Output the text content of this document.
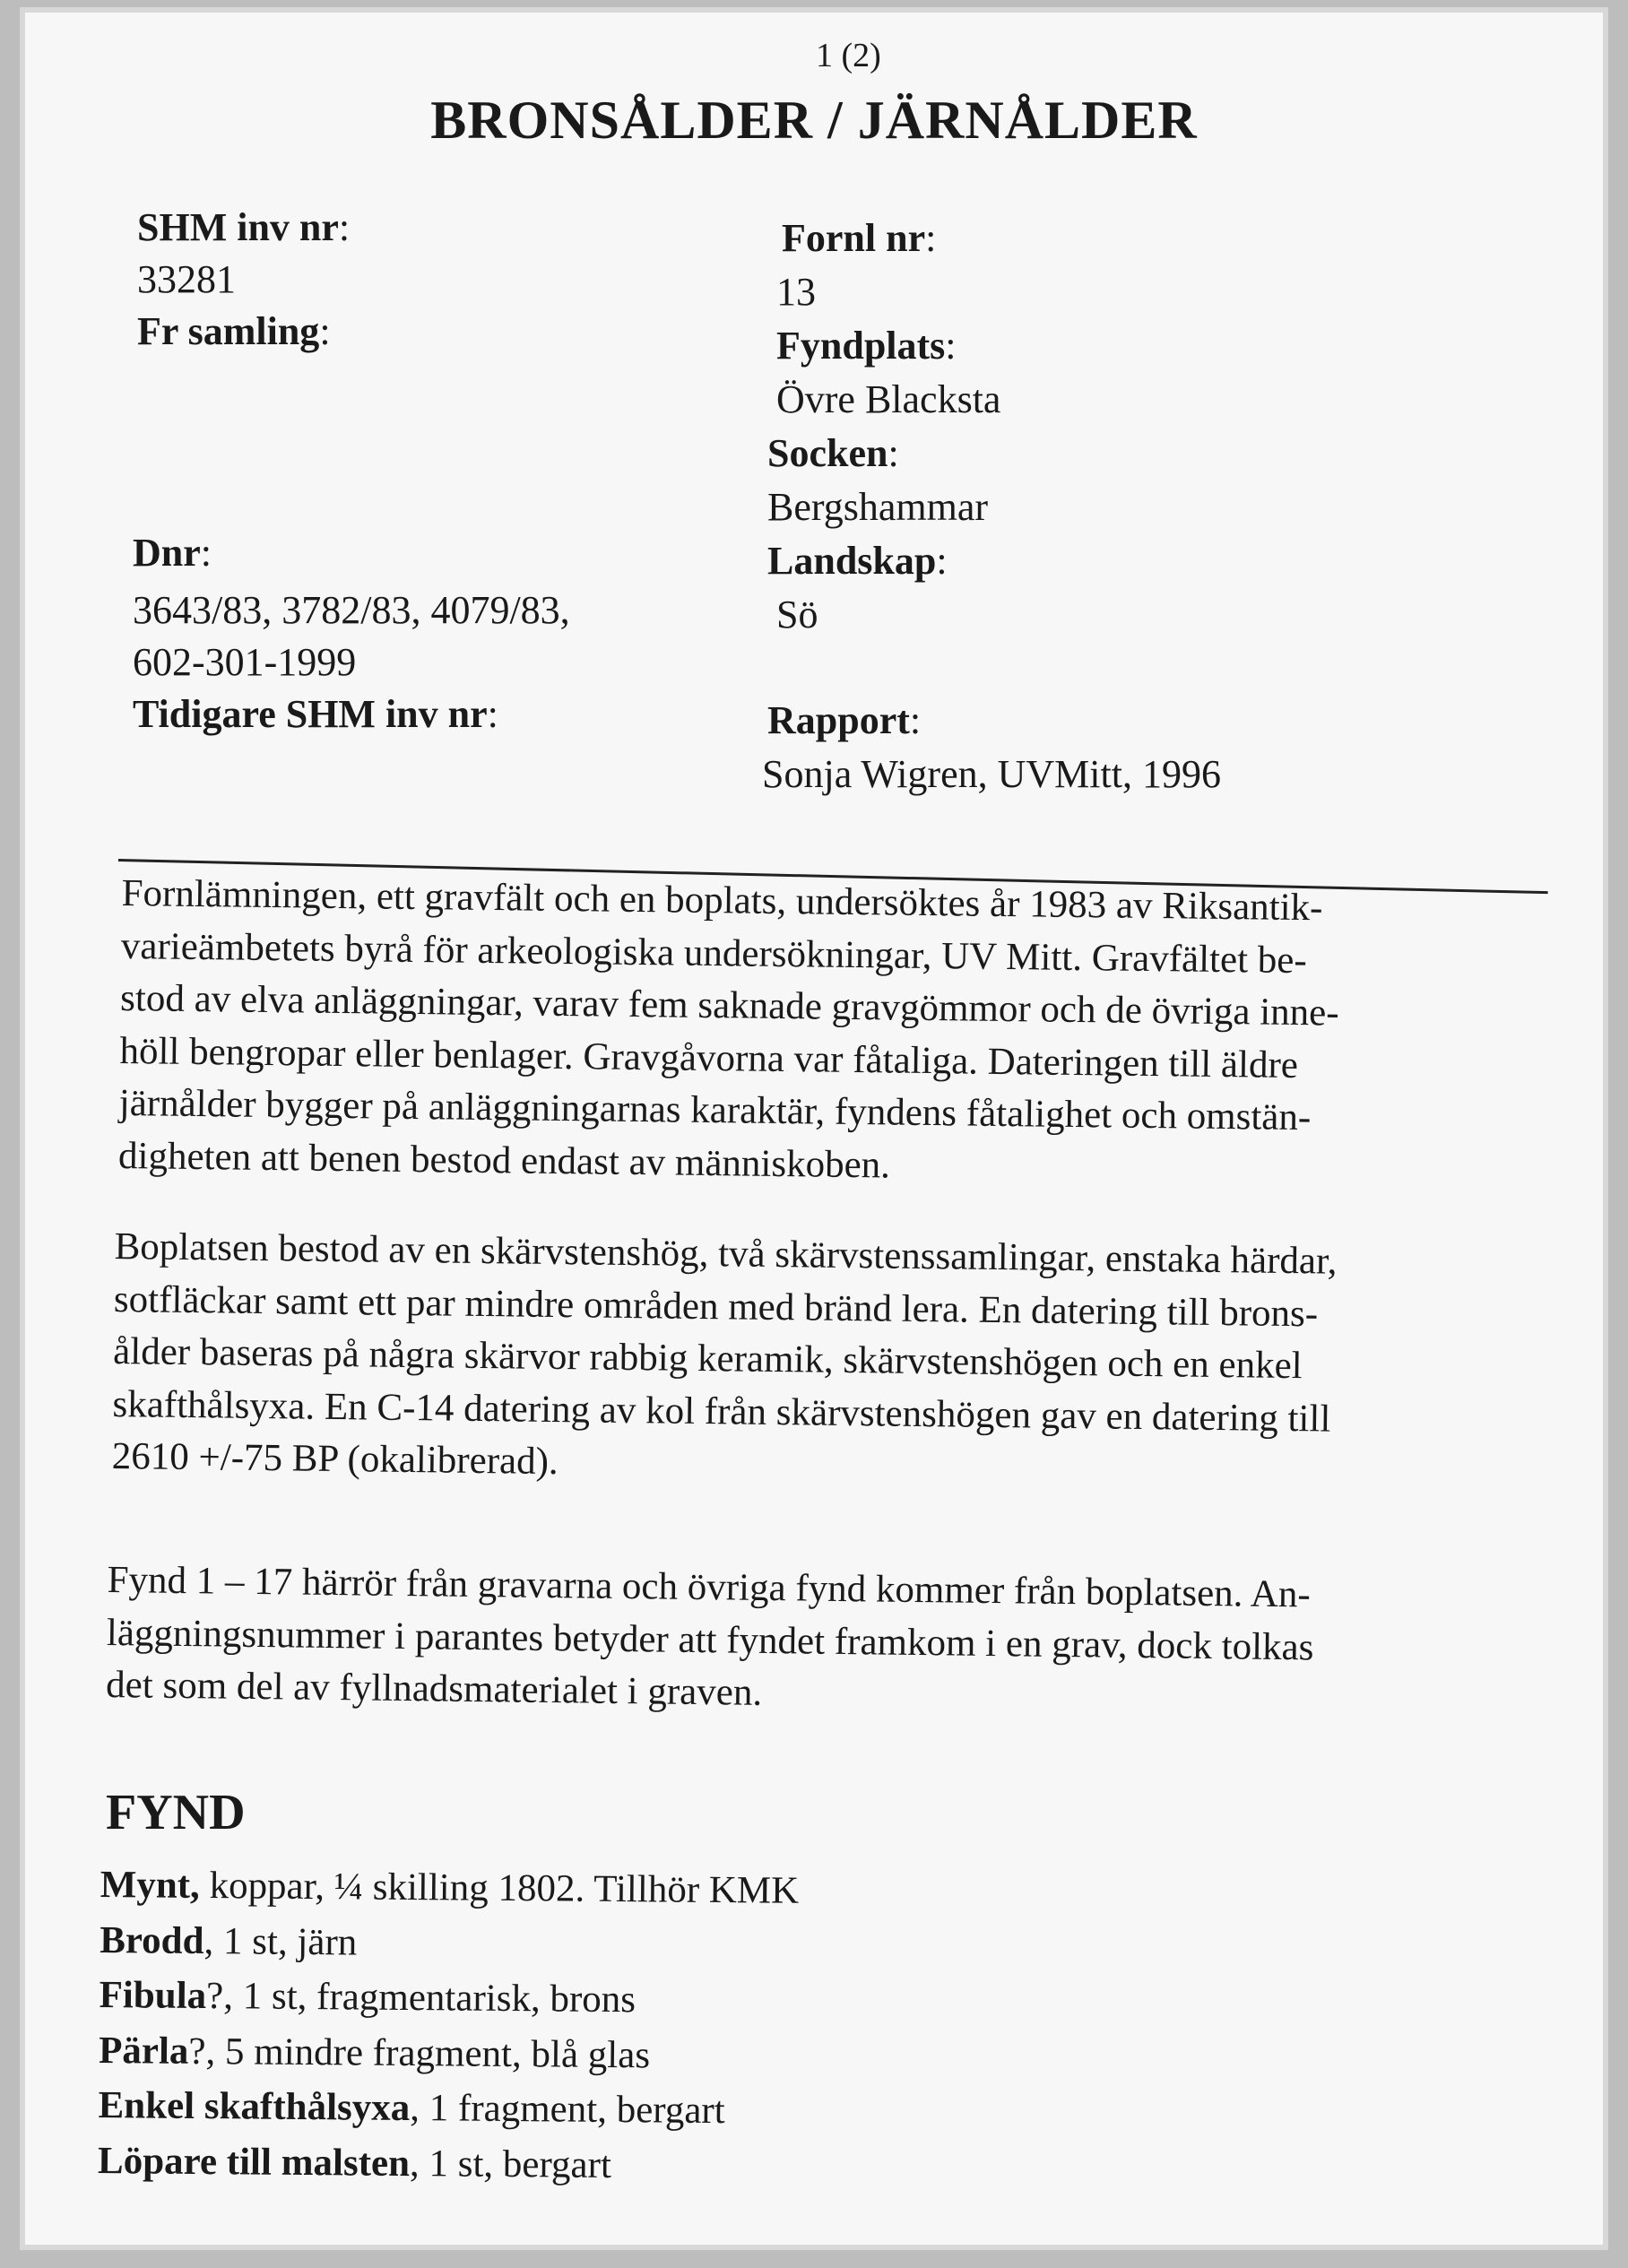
1 (2)
BRONSÅLDER / JÄRNÅLDER
SHM inv nr:
33281
Fr samling:
Dnr:
3643/83, 3782/83, 4079/83,
602-301-1999
Tidigare SHM inv nr:
Fornl nr:
13
Fyndplats:
Övre Blacksta
Socken:
Bergshammar
Landskap:
Sö
Rapport:
Sonja Wigren, UVMitt, 1996
Fornlämningen, ett gravfält och en boplats, undersöktes år 1983 av Riksantik-
varieämbetets byrå för arkeologiska undersökningar, UV Mitt. Gravfältet be-
stod av elva anläggningar, varav fem saknade gravgömmor och de övriga inne-
höll bengropar eller benlager. Gravgåvorna var fåtaliga. Dateringen till äldre
järnålder bygger på anläggningarnas karaktär, fyndens fåtalighet och omstän-
digheten att benen bestod endast av människoben.
Boplatsen bestod av en skärvstenshög, två skärvstenssamlingar, enstaka härdar,
sotfläckar samt ett par mindre områden med bränd lera. En datering till brons-
ålder baseras på några skärvor rabbig keramik, skärvstenshögen och en enkel
skafthålsyxa. En C-14 datering av kol från skärvstenshögen gav en datering till
2610 +/-75 BP (okalibrerad).
Fynd 1 – 17 härrör från gravarna och övriga fynd kommer från boplatsen. An-
läggningsnummer i parantes betyder att fyndet framkom i en grav, dock tolkas
det som del av fyllnadsmaterialet i graven.
FYND
Mynt, koppar, ¼ skilling 1802. Tillhör KMK
Brodd, 1 st, järn
Fibula?, 1 st, fragmentarisk, brons
Pärla?, 5 mindre fragment, blå glas
Enkel skafthålsyxa, 1 fragment, bergart
Löpare till malsten, 1 st, bergart
